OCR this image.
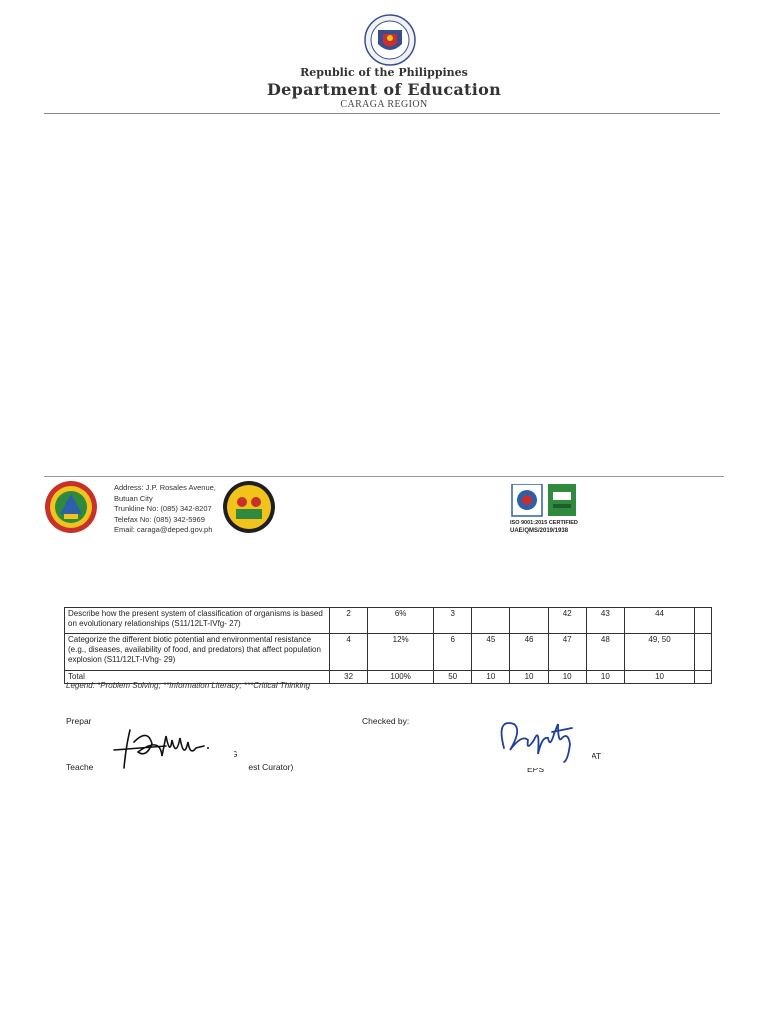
Republic of the Philippines
Department of Education
CARAGA REGION
Address: J.P. Rosales Avenue,
Butuan City
Trunkline No: (085) 342-8207
Telefax No: (085) 342-5969
Email: caraga@deped.gov.ph
ISO 9001:2015 CERTIFIED
UAE/QMS/2019/1938
Describe how the present system of classification of organisms is based on evolutionary relationships (S11/12LT-IVfg- 27)	2	6%	3			42	43	44	
Categorize the different biotic potential and environmental resistance (e.g., diseases, availability of food, and predators) that affect population explosion (S11/12LT-IVhg- 29)	4	12%	6	45	46	47	48	49, 50	
Total	32	100%	50	10	10	10	10	10	
Legend: *Problem Solving; **Information Literacy; ***Critical Thinking
Prepar
G
Teache	est Curator)
Checked by:
AT
EPS
